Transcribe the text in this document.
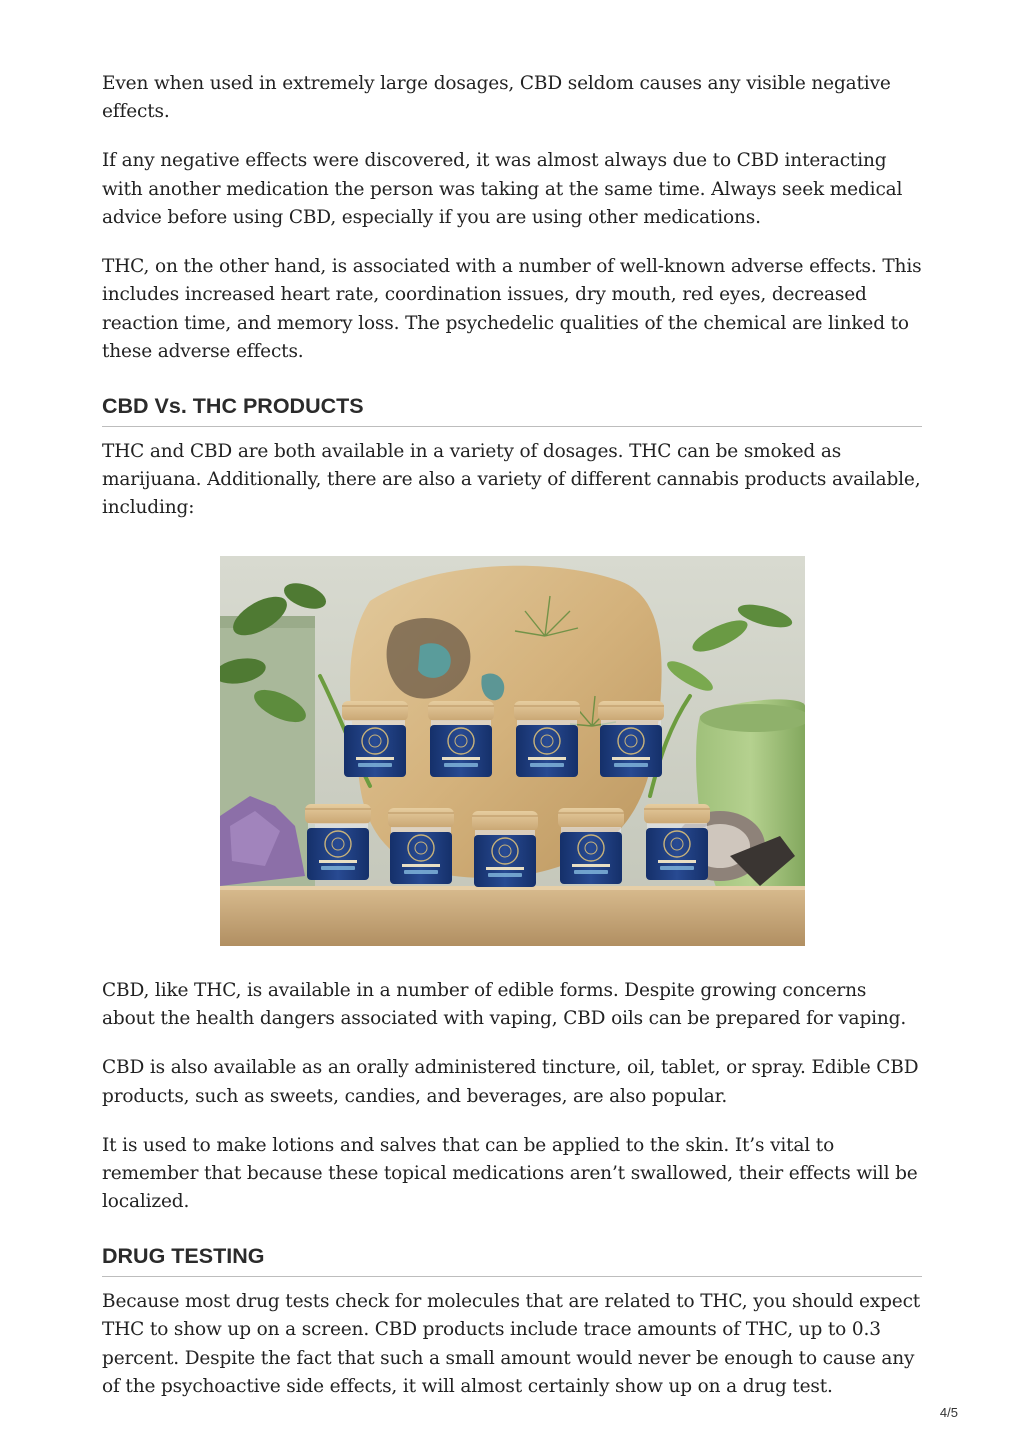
Even when used in extremely large dosages, CBD seldom causes any visible negative effects.

If any negative effects were discovered, it was almost always due to CBD interacting with another medication the person was taking at the same time. Always seek medical advice before using CBD, especially if you are using other medications.

THC, on the other hand, is associated with a number of well-known adverse effects. This includes increased heart rate, coordination issues, dry mouth, red eyes, decreased reaction time, and memory loss. The psychedelic qualities of the chemical are linked to these adverse effects.

CBD Vs. THC PRODUCTS

THC and CBD are both available in a variety of dosages. THC can be smoked as marijuana. Additionally, there are also a variety of different cannabis products available, including:

CBD, like THC, is available in a number of edible forms. Despite growing concerns about the health dangers associated with vaping, CBD oils can be prepared for vaping.

CBD is also available as an orally administered tincture, oil, tablet, or spray. Edible CBD products, such as sweets, candies, and beverages, are also popular.

It is used to make lotions and salves that can be applied to the skin. It’s vital to remember that because these topical medications aren’t swallowed, their effects will be localized.

DRUG TESTING

Because most drug tests check for molecules that are related to THC, you should expect THC to show up on a screen. CBD products include trace amounts of THC, up to 0.3 percent. Despite the fact that such a small amount would never be enough to cause any of the psychoactive side effects, it will almost certainly show up on a drug test.

4/5
